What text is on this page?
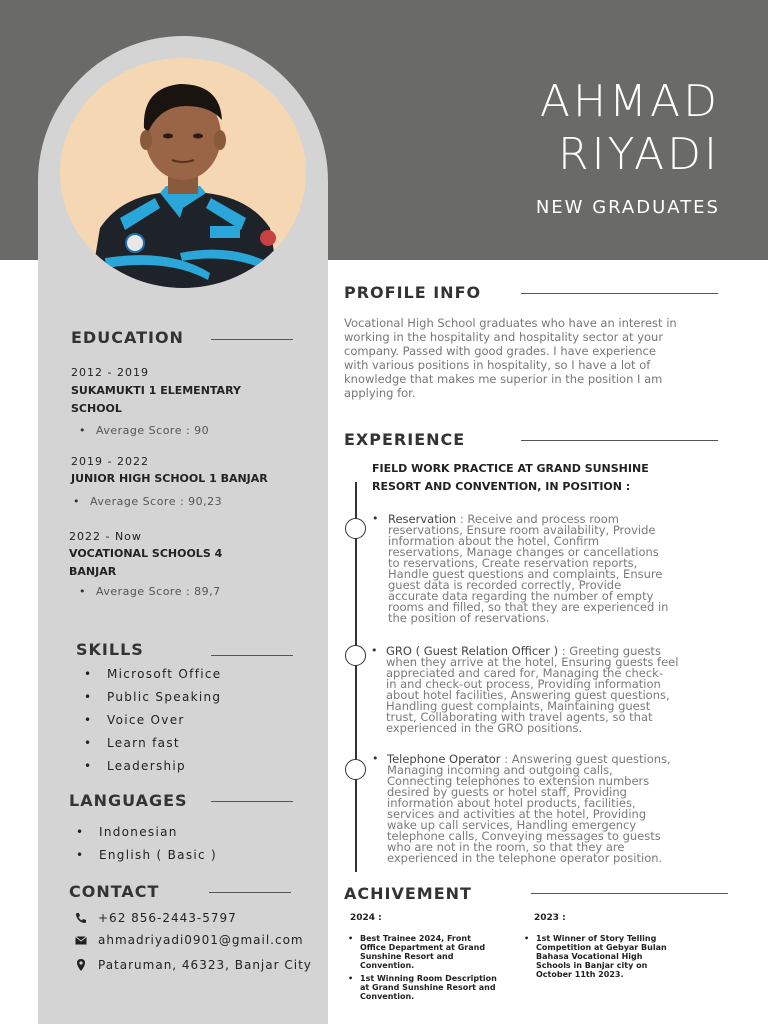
AHMAD
RIYADI
NEW GRADUATES
EDUCATION
2012 - 2019
SUKAMUKTI 1 ELEMENTARY
SCHOOL
• Average Score : 90
2019 - 2022
JUNIOR HIGH SCHOOL 1 BANJAR
• Average Score : 90,23
2022 - Now
VOCATIONAL SCHOOLS 4
BANJAR
• Average Score : 89,7
SKILLS
• Microsoft Office
• Public Speaking
• Voice Over
• Learn fast
• Leadership
LANGUAGES
• Indonesian
• English ( Basic )
CONTACT
+62 856-2443-5797
ahmadriyadi0901@gmail.com
Pataruman, 46323, Banjar City
PROFILE INFO
Vocational High School graduates who have an interest in
working in the hospitality and hospitality sector at your
company. Passed with good grades. I have experience
with various positions in hospitality, so I have a lot of
knowledge that makes me superior in the position I am
applying for.
EXPERIENCE
FIELD WORK PRACTICE AT GRAND SUNSHINE
RESORT AND CONVENTION, IN POSITION :
• Reservation : Receive and process room
reservations, Ensure room availability, Provide
information about the hotel, Confirm
reservations, Manage changes or cancellations
to reservations, Create reservation reports,
Handle guest questions and complaints, Ensure
guest data is recorded correctly, Provide
accurate data regarding the number of empty
rooms and filled, so that they are experienced in
the position of reservations.
• GRO ( Guest Relation Officer ) : Greeting guests
when they arrive at the hotel, Ensuring guests feel
appreciated and cared for, Managing the check-
in and check-out process, Providing information
about hotel facilities, Answering guest questions,
Handling guest complaints, Maintaining guest
trust, Collaborating with travel agents, so that
experienced in the GRO positions.
• Telephone Operator : Answering guest questions,
Managing incoming and outgoing calls,
Connecting telephones to extension numbers
desired by guests or hotel staff, Providing
information about hotel products, facilities,
services and activities at the hotel, Providing
wake up call services, Handling emergency
telephone calls, Conveying messages to guests
who are not in the room, so that they are
experienced in the telephone operator position.
ACHIVEMENT
2024 :
• Best Trainee 2024, Front
Office Department at Grand
Sunshine Resort and
Convention.
• 1st Winning Room Description
at Grand Sunshine Resort and
Convention.
2023 :
• 1st Winner of Story Telling
Competition at Gebyar Bulan
Bahasa Vocational High
Schools in Banjar city on
October 11th 2023.
